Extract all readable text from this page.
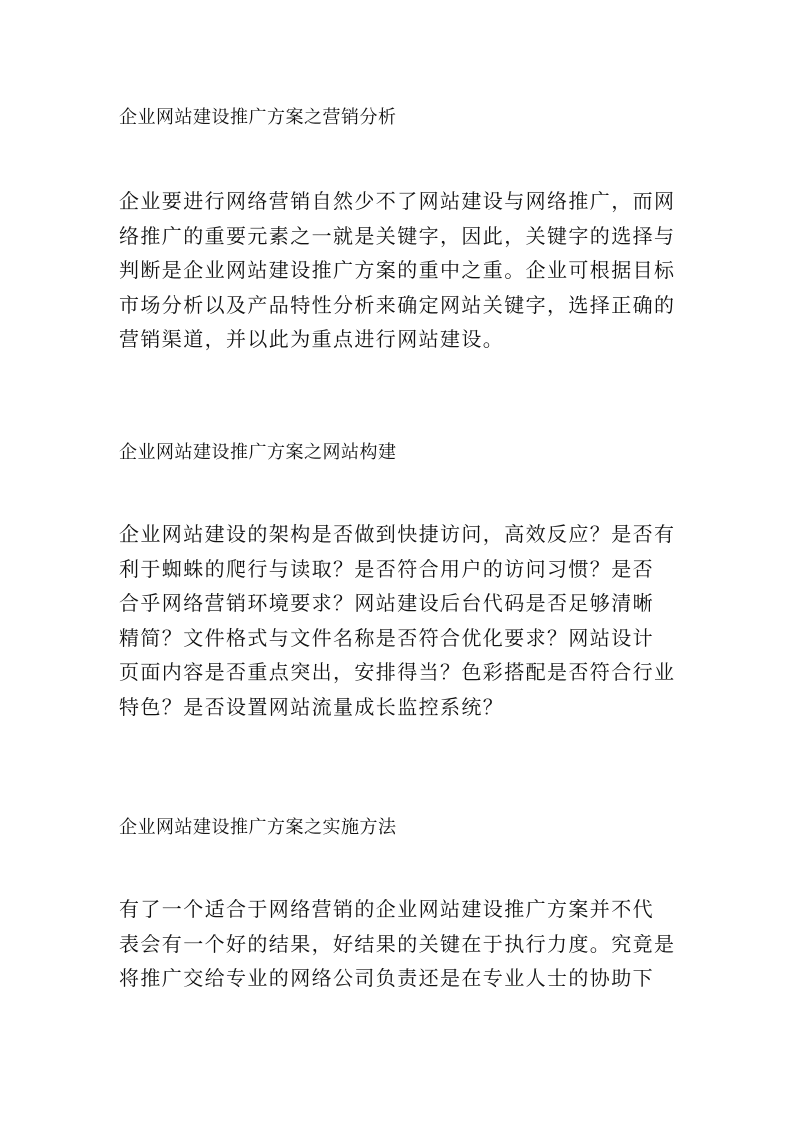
企业网站建设推广方案之营销分析
企业要进行网络营销自然少不了网站建设与网络推广，而网
络推广的重要元素之一就是关键字，因此，关键字的选择与
判断是企业网站建设推广方案的重中之重。企业可根据目标
市场分析以及产品特性分析来确定网站关键字，选择正确的
营销渠道，并以此为重点进行网站建设。
企业网站建设推广方案之网站构建
企业网站建设的架构是否做到快捷访问，高效反应？是否有
利于蜘蛛的爬行与读取？是否符合用户的访问习惯？是否
合乎网络营销环境要求？网站建设后台代码是否足够清晰
精简？文件格式与文件名称是否符合优化要求？网站设计
页面内容是否重点突出，安排得当？色彩搭配是否符合行业
特色？是否设置网站流量成长监控系统？
企业网站建设推广方案之实施方法
有了一个适合于网络营销的企业网站建设推广方案并不代
表会有一个好的结果，好结果的关键在于执行力度。究竟是
将推广交给专业的网络公司负责还是在专业人士的协助下
